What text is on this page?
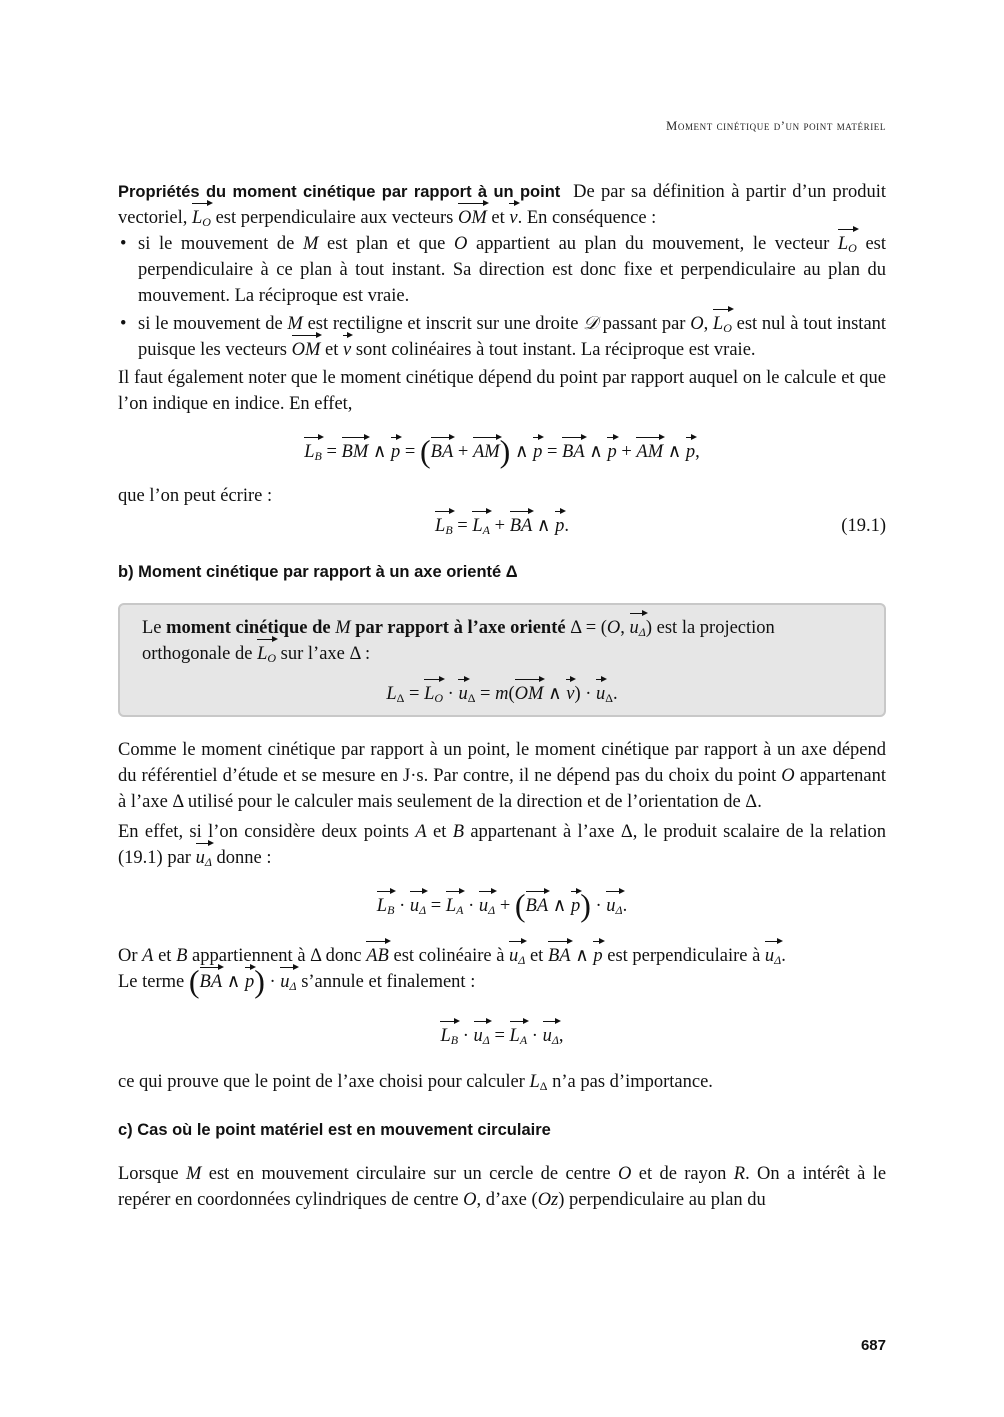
Moment cinétique d’un point matériel

Propriétés du moment cinétique par rapport à un point De par sa définition à partir d’un produit vectoriel, $L_O$ est perpendiculaire aux vecteurs OM et v. En conséquence :

• si le mouvement de M est plan et que O appartient au plan du mouvement, le vecteur $L_O$ est perpendiculaire à ce plan à tout instant. Sa direction est donc fixe et perpendiculaire au plan du mouvement. La réciproque est vraie.
• si le mouvement de M est rectiligne et inscrit sur une droite 𝒟 passant par O, $L_O$ est nul à tout instant puisque les vecteurs OM et v sont colinéaires à tout instant. La réciproque est vraie.

Il faut également noter que le moment cinétique dépend du point par rapport auquel on le calcule et que l’on indique en indice. En effet,

$L_B$ = BM ∧ p = (BA + AM) ∧ p = BA ∧ p + AM ∧ p,

que l’on peut écrire :

$L_B = L_A$ + BA ∧ p.	(19.1)
b) Moment cinétique par rapport à un axe orienté Δ

Le moment cinétique de M par rapport à l’axe orienté Δ = (O, $u_\Delta$) est la projection orthogonale de $L_O$ sur l’axe Δ :

$L_\Delta = L_O \cdot u_\Delta = m(OM$ ∧ $v) \cdot u_\Delta$.

Comme le moment cinétique par rapport à un point, le moment cinétique par rapport à un axe dépend du référentiel d’étude et se mesure en J·s. Par contre, il ne dépend pas du choix du point O appartenant à l’axe Δ utilisé pour le calculer mais seulement de la direction et de l’orientation de Δ.

En effet, si l’on considère deux points A et B appartenant à l’axe Δ, le produit scalaire de la relation (19.1) par $u_\Delta$ donne :

$L_B \cdot u_\Delta = L_A \cdot u_\Delta + (BA$ ∧ $p) \cdot u_\Delta$.

Or A et B appartiennent à Δ donc AB est colinéaire à $u_\Delta$ et BA ∧ p est perpendiculaire à $u_\Delta$.
Le terme (BA ∧ $p) \cdot u_\Delta$ s’annule et finalement :

$L_B \cdot u_\Delta = L_A \cdot u_\Delta$,

ce qui prouve que le point de l’axe choisi pour calculer $L_\Delta$ n’a pas d’importance.

c) Cas où le point matériel est en mouvement circulaire

Lorsque M est en mouvement circulaire sur un cercle de centre O et de rayon R. On a intérêt à le repérer en coordonnées cylindriques de centre O, d’axe (Oz) perpendiculaire au plan du

687
